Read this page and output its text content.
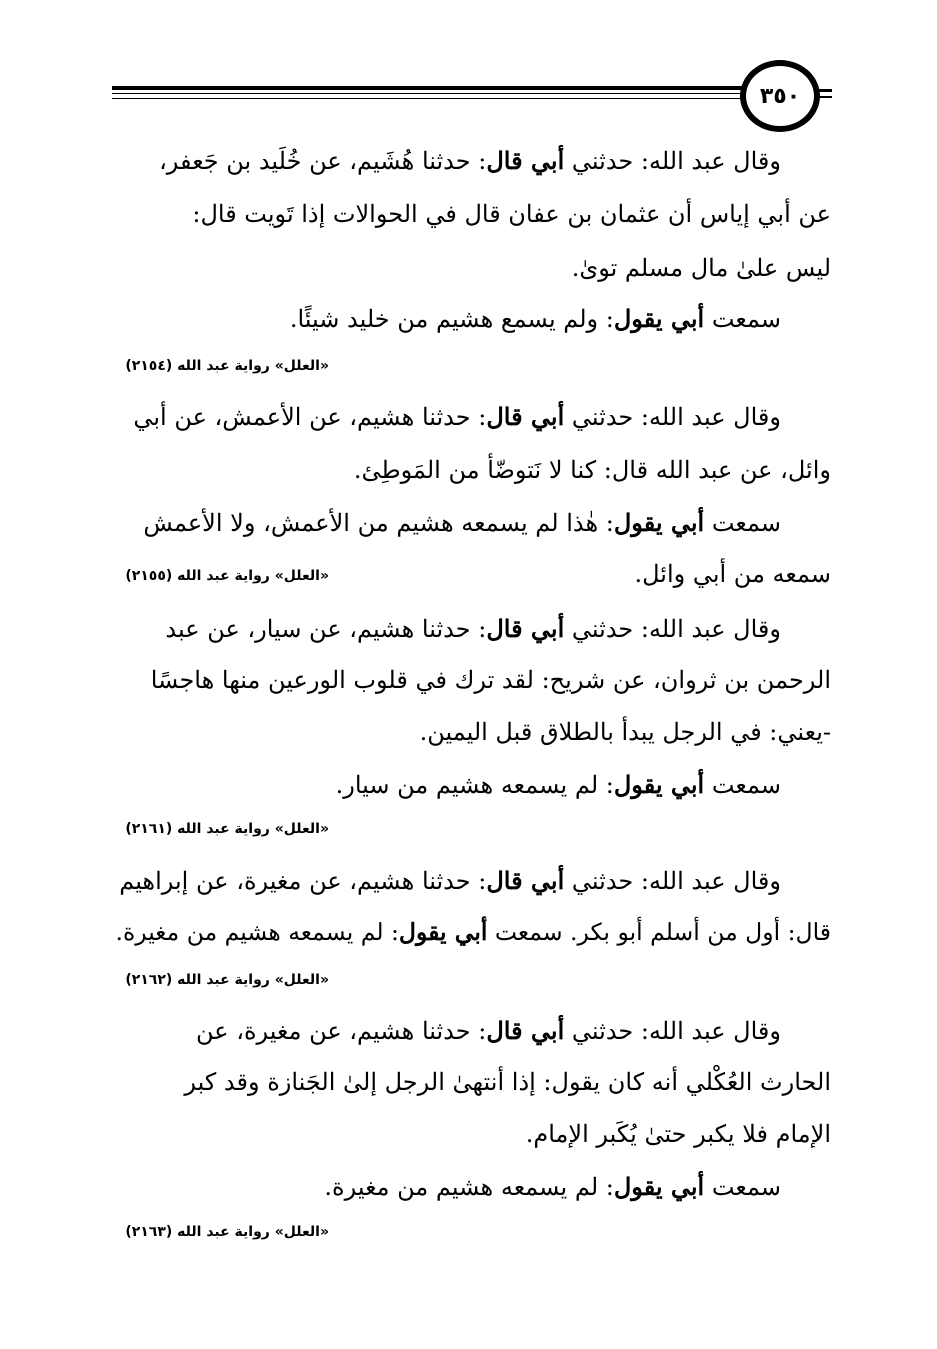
٣٥٠
وقال عبد الله: حدثني أبي قال: حدثنا هُشَيم، عن خُلَيد بن جَعفر،
عن أبي إياس أن عثمان بن عفان قال في الحوالات إذا تَويت قال:
ليس علىٰ مال مسلم توىٰ.
سمعت أبي يقول: ولم يسمع هشيم من خليد شيئًا.
«العلل» رواية عبد الله (٢١٥٤)
وقال عبد الله: حدثني أبي قال: حدثنا هشيم، عن الأعمش، عن أبي
وائل، عن عبد الله قال: كنا لا نَتوضّأ من المَوطِئ.
سمعت أبي يقول: هٰذا لم يسمعه هشيم من الأعمش، ولا الأعمش
سمعه من أبي وائل.
«العلل» رواية عبد الله (٢١٥٥)
وقال عبد الله: حدثني أبي قال: حدثنا هشيم، عن سيار، عن عبد
الرحمن بن ثروان، عن شريح: لقد ترك في قلوب الورعين منها هاجسًا
-يعني: في الرجل يبدأ بالطلاق قبل اليمين.
سمعت أبي يقول: لم يسمعه هشيم من سيار.
«العلل» رواية عبد الله (٢١٦١)
وقال عبد الله: حدثني أبي قال: حدثنا هشيم، عن مغيرة، عن إبراهيم
قال: أول من أسلم أبو بكر. سمعت أبي يقول: لم يسمعه هشيم من مغيرة.
«العلل» رواية عبد الله (٢١٦٢)
وقال عبد الله: حدثني أبي قال: حدثنا هشيم، عن مغيرة، عن
الحارث العُكْلي أنه كان يقول: إذا أنتهىٰ الرجل إلىٰ الجَنازة وقد كبر
الإمام فلا يكبر حتىٰ يُكَبر الإمام.
سمعت أبي يقول: لم يسمعه هشيم من مغيرة.
«العلل» رواية عبد الله (٢١٦٣)
